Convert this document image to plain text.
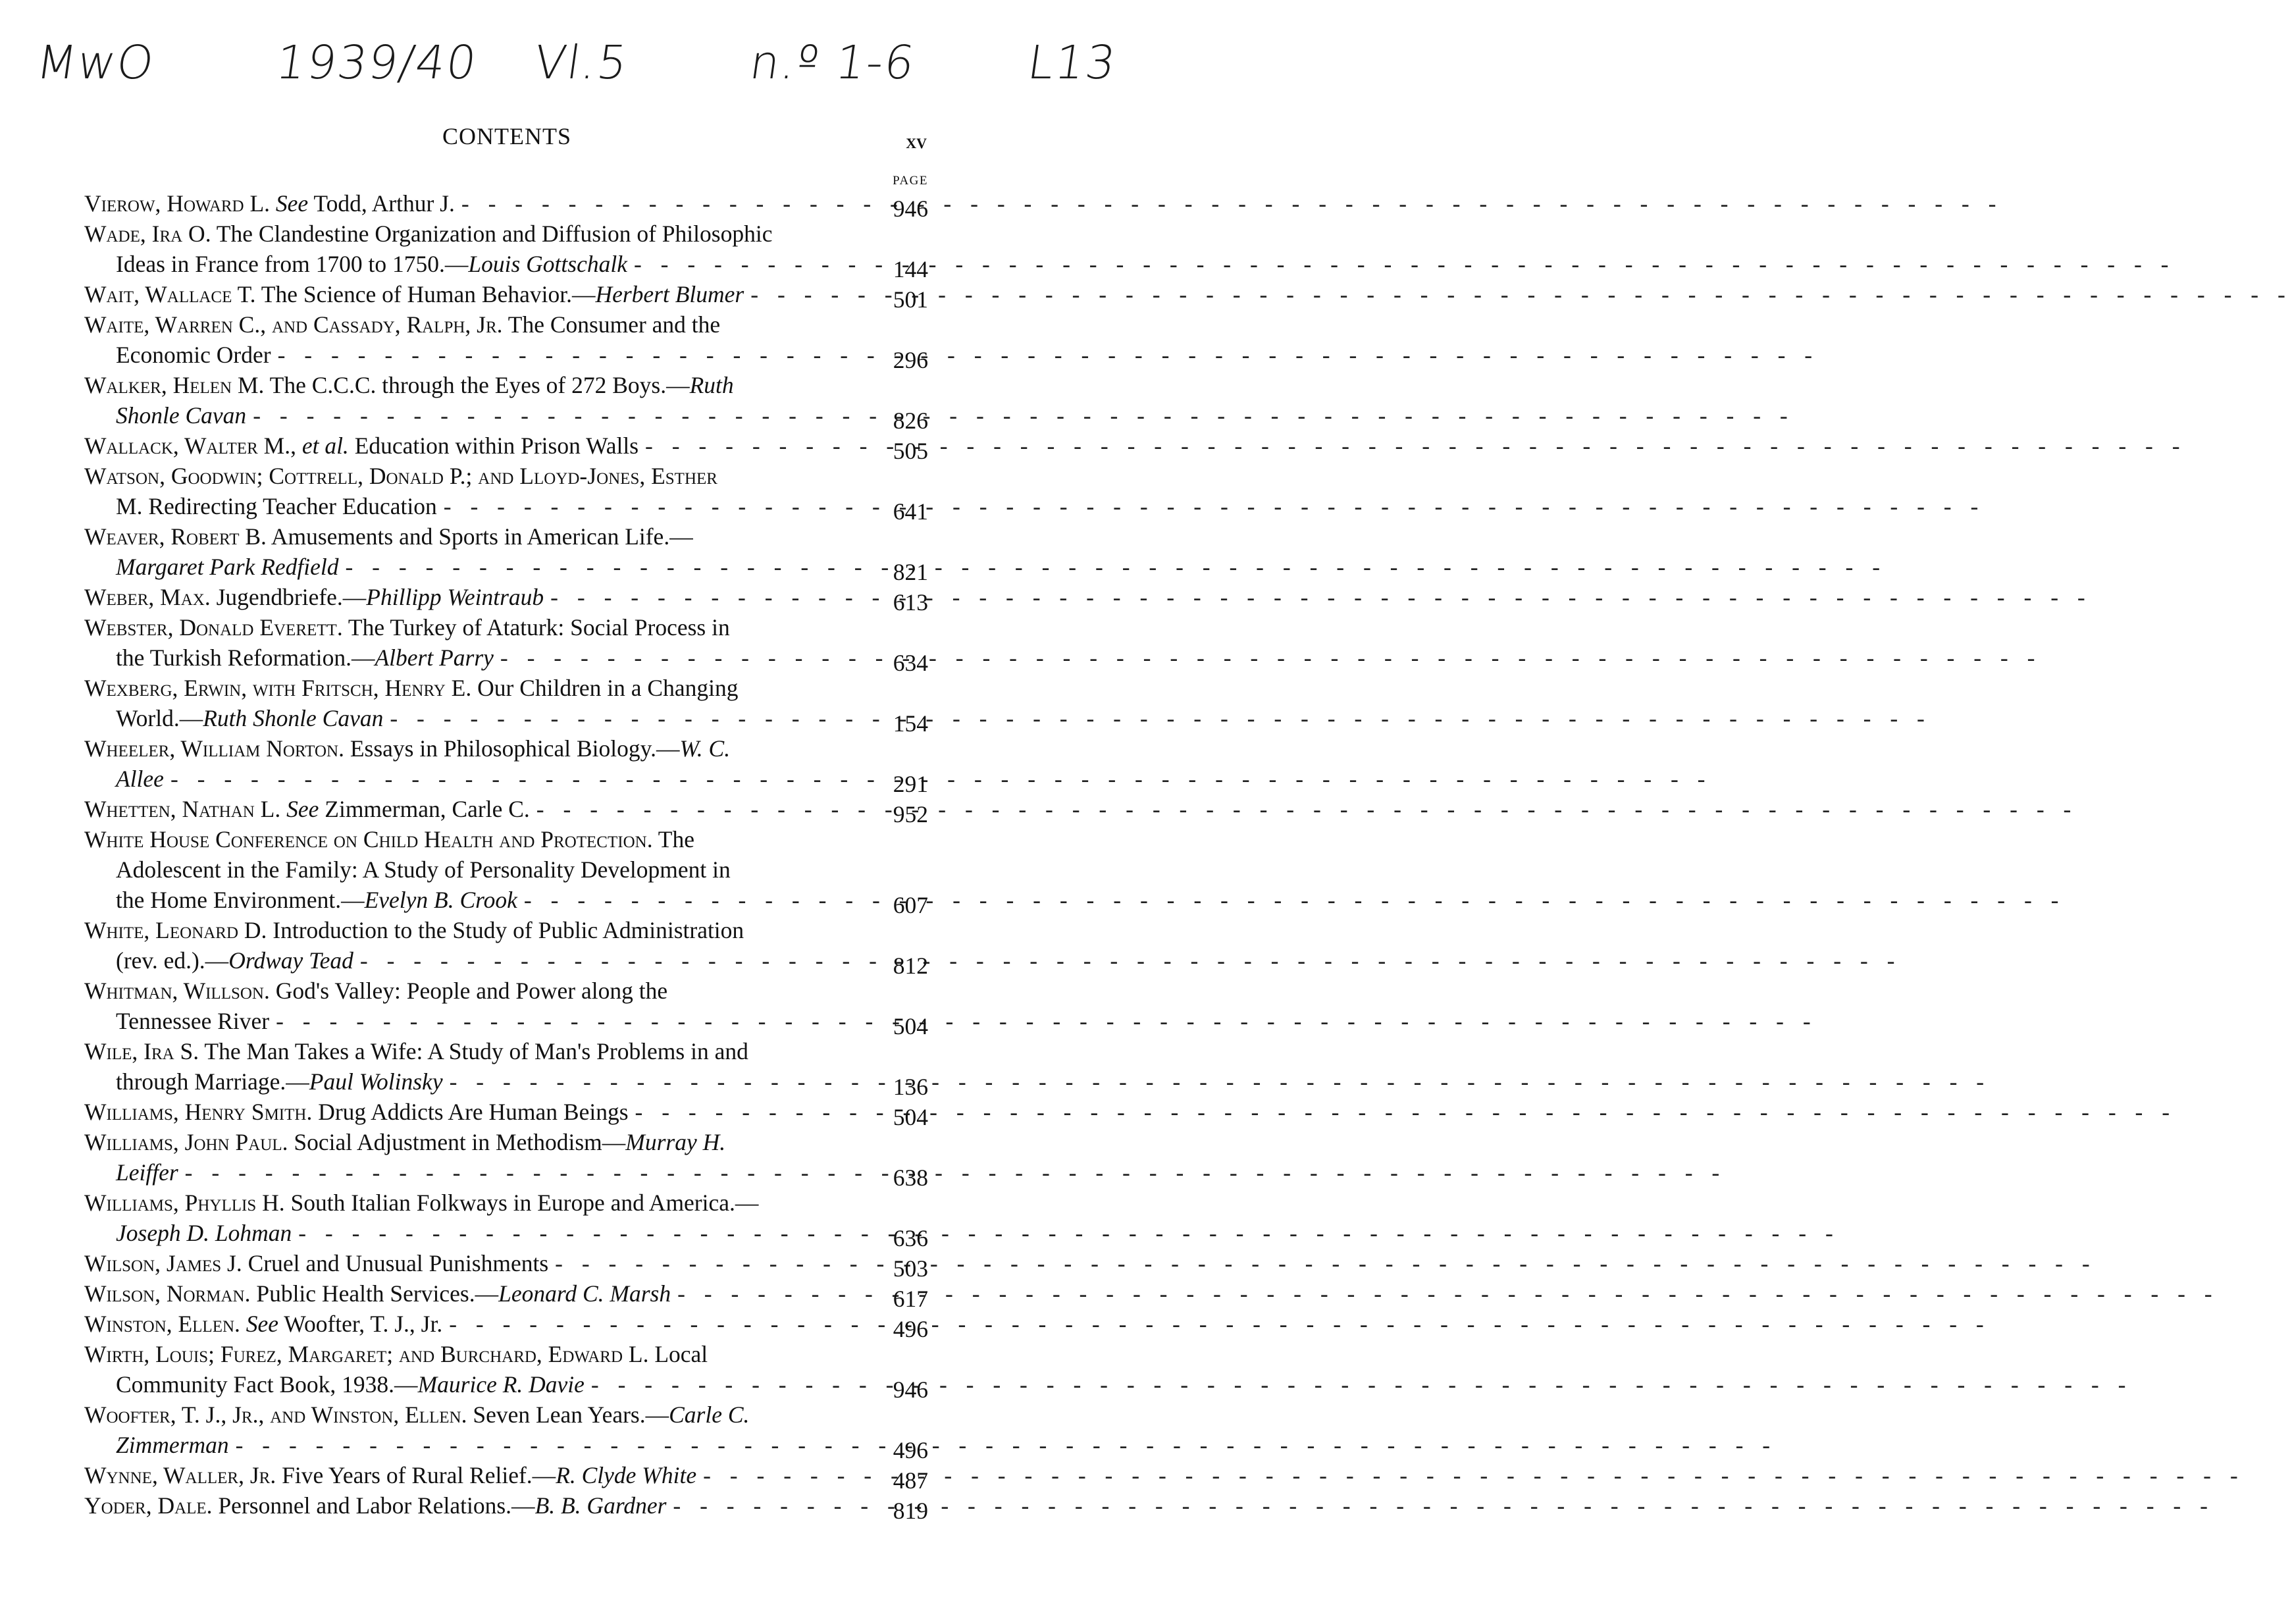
MwO 1939/40 Vl.5 n.º 1-6 L13
CONTENTS	xv
PAGE
Vierow, Howard L. See Todd, Arthur J. - - -	946
Wade, Ira O. The Clandestine Organization and Diffusion of Philosophic
Ideas in France from 1700 to 1750.—Louis Gottschalk - - -	144
Wait, Wallace T. The Science of Human Behavior.—Herbert Blumer - - -	501
Waite, Warren C., and Cassady, Ralph, Jr. The Consumer and the
Economic Order - - -	296
Walker, Helen M. The C.C.C. through the Eyes of 272 Boys.—Ruth
Shonle Cavan - - -	826
Wallack, Walter M., et al. Education within Prison Walls - - -	505
Watson, Goodwin; Cottrell, Donald P.; and Lloyd-Jones, Esther
M. Redirecting Teacher Education - - -	641
Weaver, Robert B. Amusements and Sports in American Life.—
Margaret Park Redfield - - -	821
Weber, Max. Jugendbriefe.—Phillipp Weintraub - - -	613
Webster, Donald Everett. The Turkey of Ataturk: Social Process in
the Turkish Reformation.—Albert Parry - - -	634
Wexberg, Erwin, with Fritsch, Henry E. Our Children in a Changing
World.—Ruth Shonle Cavan - - -	154
Wheeler, William Norton. Essays in Philosophical Biology.—W. C.
Allee - - -	291
Whetten, Nathan L. See Zimmerman, Carle C. - - -	952
White House Conference on Child Health and Protection. The
Adolescent in the Family: A Study of Personality Development in
the Home Environment.—Evelyn B. Crook - - -	607
White, Leonard D. Introduction to the Study of Public Administration
(rev. ed.).—Ordway Tead - - -	812
Whitman, Willson. God's Valley: People and Power along the
Tennessee River - - -	504
Wile, Ira S. The Man Takes a Wife: A Study of Man's Problems in and
through Marriage.—Paul Wolinsky - - -	136
Williams, Henry Smith. Drug Addicts Are Human Beings - - -	504
Williams, John Paul. Social Adjustment in Methodism—Murray H.
Leiffer - - -	638
Williams, Phyllis H. South Italian Folkways in Europe and America.—
Joseph D. Lohman - - -	636
Wilson, James J. Cruel and Unusual Punishments - - -	503
Wilson, Norman. Public Health Services.—Leonard C. Marsh - - -	617
Winston, Ellen. See Woofter, T. J., Jr. - - -	496
Wirth, Louis; Furez, Margaret; and Burchard, Edward L. Local
Community Fact Book, 1938.—Maurice R. Davie - - -	946
Woofter, T. J., Jr., and Winston, Ellen. Seven Lean Years.—Carle C.
Zimmerman - - -	496
Wynne, Waller, Jr. Five Years of Rural Relief.—R. Clyde White - - -	487
Yoder, Dale. Personnel and Labor Relations.—B. B. Gardner - - -	819
